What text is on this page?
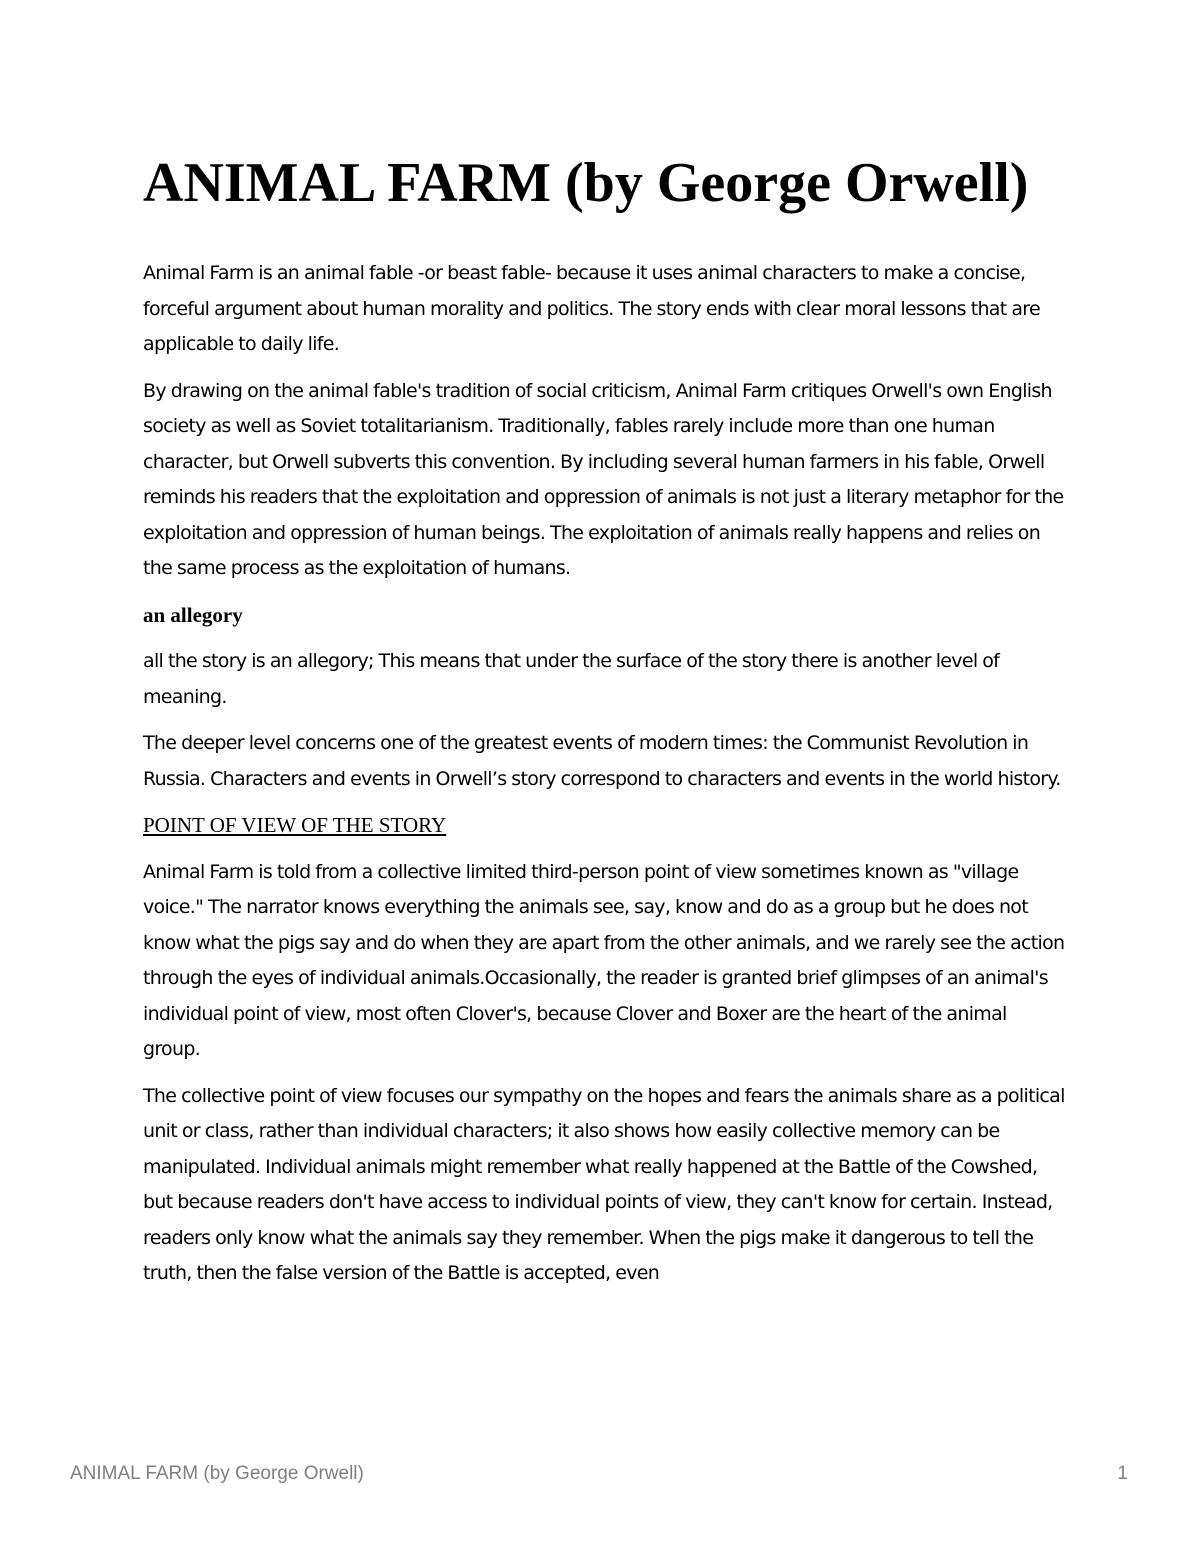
ANIMAL FARM (by George Orwell)

Animal Farm is an animal fable -or beast fable- because it uses animal characters to make a concise, forceful argument about human morality and politics. The story ends with clear moral lessons that are applicable to daily life.

By drawing on the animal fable's tradition of social criticism, Animal Farm critiques Orwell's own English society as well as Soviet totalitarianism. Traditionally, fables rarely include more than one human character, but Orwell subverts this convention. By including several human farmers in his fable, Orwell reminds his readers that the exploitation and oppression of animals is not just a literary metaphor for the exploitation and oppression of human beings. The exploitation of animals really happens and relies on the same process as the exploitation of humans.

an allegory

all the story is an allegory; This means that under the surface of the story there is another level of meaning.

The deeper level concerns one of the greatest events of modern times: the Communist Revolution in Russia. Characters and events in Orwell’s story correspond to characters and events in the world history.

POINT OF VIEW OF THE STORY

Animal Farm is told from a collective limited third-person point of view sometimes known as "village voice." The narrator knows everything the animals see, say, know and do as a group but he does not know what the pigs say and do when they are apart from the other animals, and we rarely see the action through the eyes of individual animals.Occasionally, the reader is granted brief glimpses of an animal's individual point of view, most often Clover's, because Clover and Boxer are the heart of the animal group.

The collective point of view focuses our sympathy on the hopes and fears the animals share as a political unit or class, rather than individual characters; it also shows how easily collective memory can be manipulated. Individual animals might remember what really happened at the Battle of the Cowshed, but because readers don't have access to individual points of view, they can't know for certain. Instead, readers only know what the animals say they remember. When the pigs make it dangerous to tell the truth, then the false version of the Battle is accepted, even

ANIMAL FARM (by George Orwell)	1
